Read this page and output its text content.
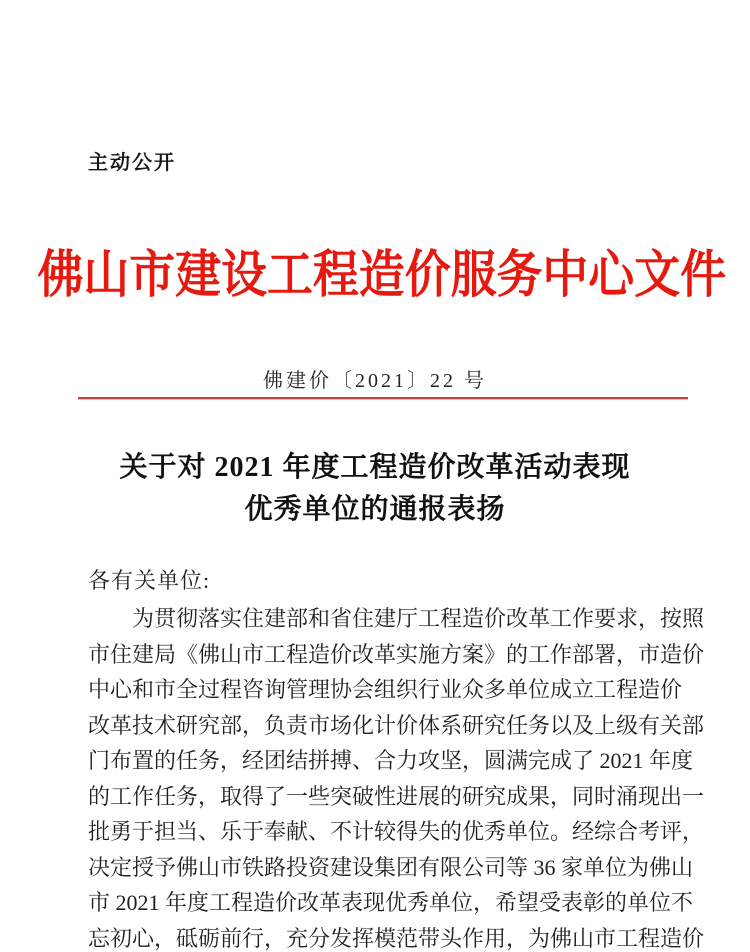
主动公开
佛山市建设工程造价服务中心文件
佛建价〔2021〕22 号
关于对 2021 年度工程造价改革活动表现
优秀单位的通报表扬
各有关单位:
为贯彻落实住建部和省住建厅工程造价改革工作要求，按照
市住建局《佛山市工程造价改革实施方案》的工作部署，市造价
中心和市全过程咨询管理协会组织行业众多单位成立工程造价
改革技术研究部，负责市场化计价体系研究任务以及上级有关部
门布置的任务，经团结拼搏、合力攻坚，圆满完成了 2021 年度
的工作任务，取得了一些突破性进展的研究成果，同时涌现出一
批勇于担当、乐于奉献、不计较得失的优秀单位。经综合考评，
决定授予佛山市铁路投资建设集团有限公司等 36 家单位为佛山
市 2021 年度工程造价改革表现优秀单位，希望受表彰的单位不
忘初心，砥砺前行，充分发挥模范带头作用，为佛山市工程造价
